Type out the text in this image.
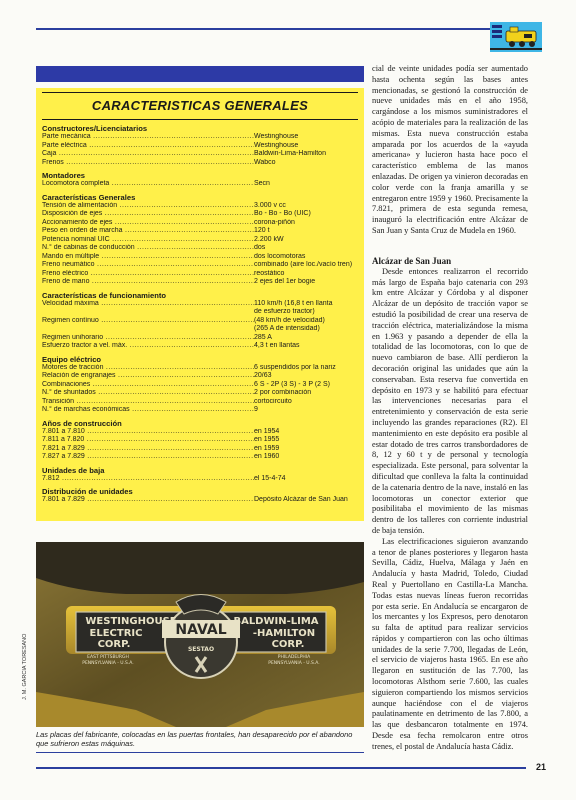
CARACTERISTICAS GENERALES
Constructores/Licenciatarios
Parte mecánica .....	Westinghouse
Parte eléctrica .....	Westinghouse
Caja .....	Baldwin-Lima-Hamilton
Frenos .....	Wabco
Montadores
Locomotora completa .....	Secn
Características Generales
Tensión de alimentación .....	3.000 v cc
Disposición de ejes .....	Bo - Bo - Bo (UIC)
Accionamiento de ejes .....	corona-piñón
Peso en orden de marcha .....	120 t
Potencia nominal UIC .....	2.200 kW
N.° de cabinas de conducción .....	dos
Mando en múltiple .....	dos locomotoras
Freno neumático .....	combinado (aire loc./vacío tren)
Freno eléctrico .....	reostático
Freno de mano .....	2 ejes del 1er bogie
Características de funcionamiento
Velocidad máxima .....	110 km/h (16,8 t en llanta
de esfuerzo tractor)
Regimen contínuo .....	(48 km/h de velocidad)
(265 A de intensidad)
Regimen unihorario .....	285 A
Esfuerzo tractor a vel. máx. .....	4,3 t en llantas
Equipo eléctrico
Motores de tracción .....	6 suspendidos por la nariz
Relación de engranajes .....	20/63
Combinaciones .....	6 S - 2P (3 S) - 3 P (2 S)
N.° de shuntados .....	2 por combinación
Transición .....	cortocircuito
N.° de marchas económicas .....	9
Años de construcción
7.801 a 7.810 .....	en 1954
7.811 a 7.820 .....	en 1955
7.821 a 7.829 .....	en 1959
7.827 a 7.829 .....	en 1960
Unidades de baja
7.812 .....	el 15-4-74
Distribución de unidades
7.801 a 7.829 .....	Depósito Alcázar de San Juan
WESTINGHOUSE
ELECTRIC
CORP.
EAST PITTSBURGH
PENNSYLVANIA - U.S.A.
BALDWIN-LIMA
-HAMILTON
CORP.
PHILADELPHIA
PENNSYLVANIA - U.S.A.
NAVAL
SESTAO
J. M. GARCIA TORESANO
Las placas del fabricante, colocadas en las puertas frontales, han desaparecido por el abandono que sufrieron estas máquinas.

cial de veinte unidades podía ser aumentado hasta ochenta según las bases antes mencionadas, se gestionó la construcción de nueve unidades más en el año 1958, cargándose a los mismos suministradores el acópio de materiales para la realización de las mismas. Esta nueva construcción estaba amparada por los acuerdos de la «ayuda americana» y lucieron hasta hace poco el característico emblema de las manos enlazadas. De origen ya vinieron decoradas en color verde con la franja amarilla y se entregaron entre 1959 y 1960. Precisamente la 7.821, primera de esta segunda remesa, inauguró la electrificación entre Alcázar de San Juan y Santa Cruz de Mudela en 1960.

Alcázar de San Juan

Desde entonces realizarron el recorrido más largo de España bajo catenaria con 293 km entre Alcázar y Córdoba y al disponer Alcázar de un depósito de tracción vapor se estudió la posibilidad de crear una reserva de tracción eléctrica, materializándose la misma en 1.963 y pasando a depender de ella la totalidad de las locomotoras, con lo que de nuevo cambiaron de base. Allí perdieron la decoración original las unidades que aún la conservaban. Esta reserva fue convertida en depósito en 1973 y se habilitó para efectuar las intervenciones necesarias para el entretenimiento y conservación de esta serie incluyendo las grandes reparaciones (R2). El mantenimiento en este depósito era posible al estar dotado de tres carros transbordadores de 8, 12 y 60 t y de personal y tecnología especializada. Este personal, para solventar la dificultad que conlleva la falta la continuidad de la catenaria dentro de la nave, instaló en las locomotoras un conector exterior que posibilitaba el movimiento de las mismas dentro de los talleres con corriente industrial de baja tensión.

Las electrificaciones siguieron avanzando a tenor de planes posteriores y llegaron hasta Sevilla, Cádiz, Huelva, Málaga y Jaén en Andalucía y hasta Madrid, Toledo, Ciudad Real y Puertollano en Castilla-La Mancha. Todas estas nuevas líneas fueron recorridas por esta serie. En Andalucía se encargaron de los mercantes y los Expresos, pero denotaron su falta de aptitud para realizar servicios rápidos y compartieron con las ocho últimas unidades de la serie 7.700, llegadas de León, el servicio de viajeros hasta 1965. En ese año llegaron en sustitución de las 7.700, las locomotoras Alsthom serie 7.600, las cuales siguieron compartiendo los mismos servicios aunque haciéndose con el de viajeros paulatinamente en detrimento de las 7.800, a las que desbancaron totalmente en 1974. Desde esa fecha remolcaron entre otros trenes, el postal de Andalucía hasta Cádiz.

21
